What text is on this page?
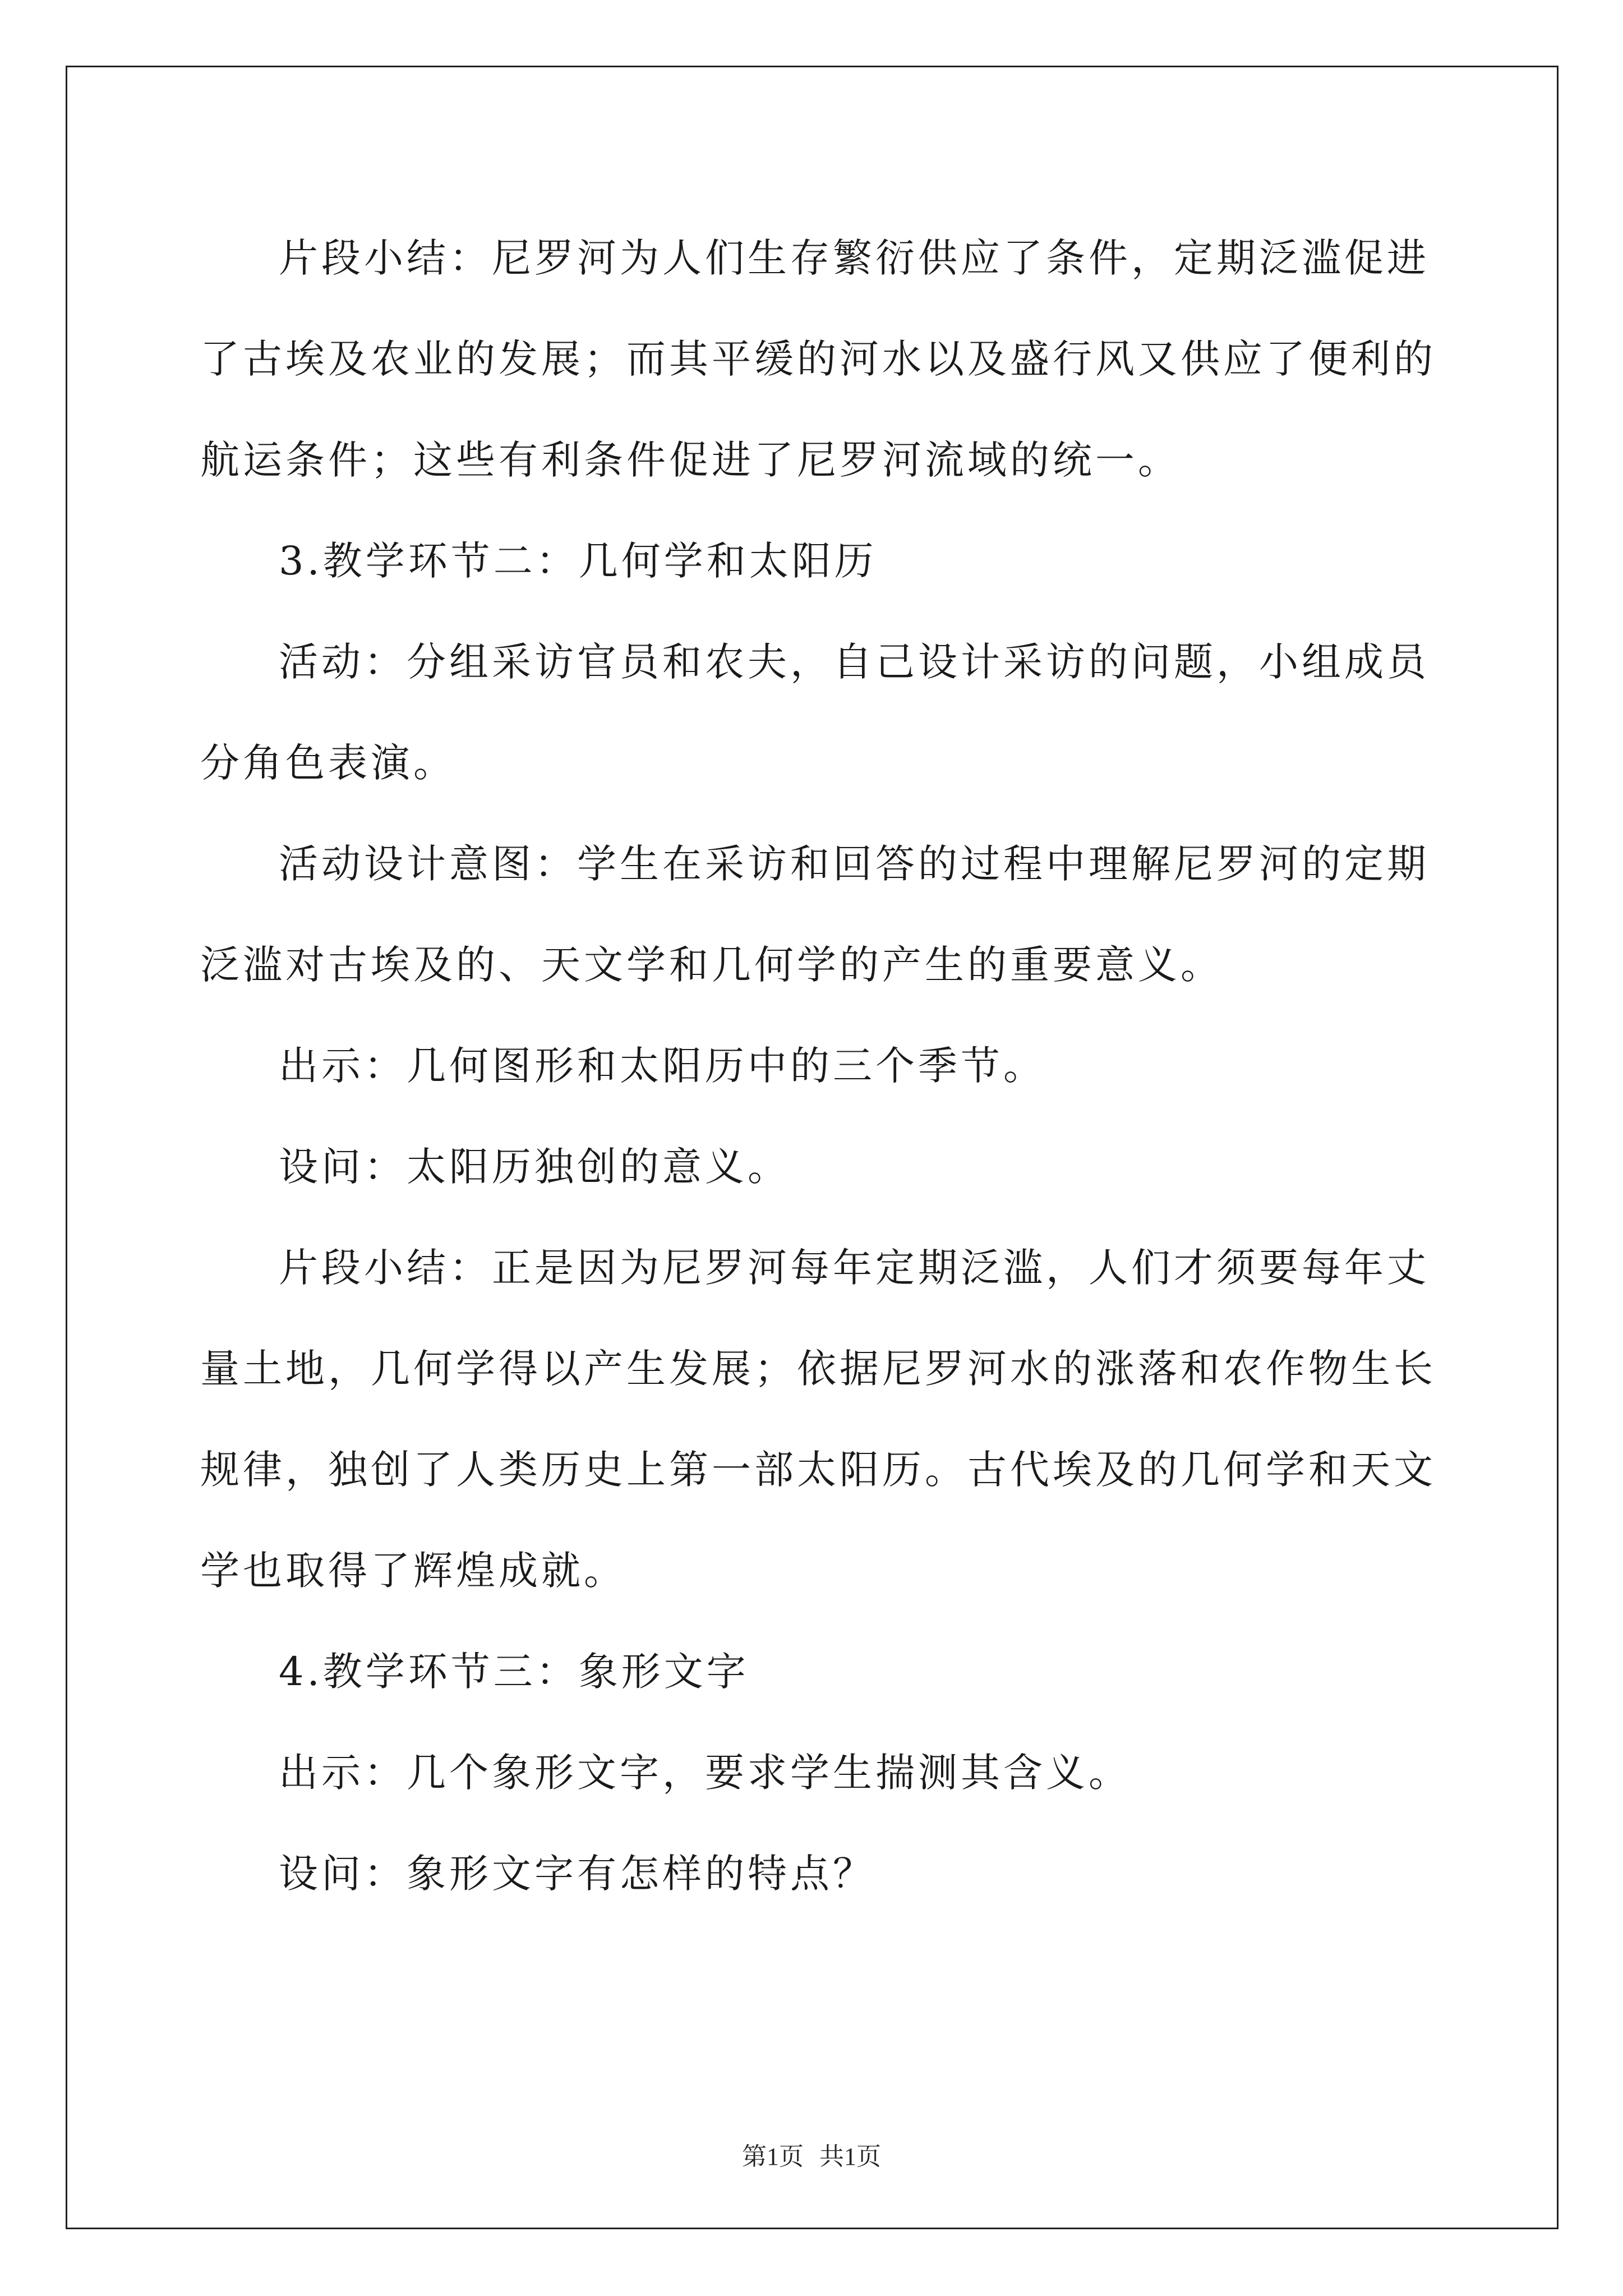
片段小结：尼罗河为人们生存繁衍供应了条件，定期泛滥促进了古埃及农业的发展；而其平缓的河水以及盛行风又供应了便利的航运条件；这些有利条件促进了尼罗河流域的统一。

3.教学环节二：几何学和太阳历

活动：分组采访官员和农夫，自己设计采访的问题，小组成员分角色表演。

活动设计意图：学生在采访和回答的过程中理解尼罗河的定期泛滥对古埃及的、天文学和几何学的产生的重要意义。

出示：几何图形和太阳历中的三个季节。

设问：太阳历独创的意义。

片段小结：正是因为尼罗河每年定期泛滥，人们才须要每年丈量土地，几何学得以产生发展；依据尼罗河水的涨落和农作物生长规律，独创了人类历史上第一部太阳历。古代埃及的几何学和天文学也取得了辉煌成就。

4.教学环节三：象形文字

出示：几个象形文字，要求学生揣测其含义。

设问：象形文字有怎样的特点？

第1页 共1页
